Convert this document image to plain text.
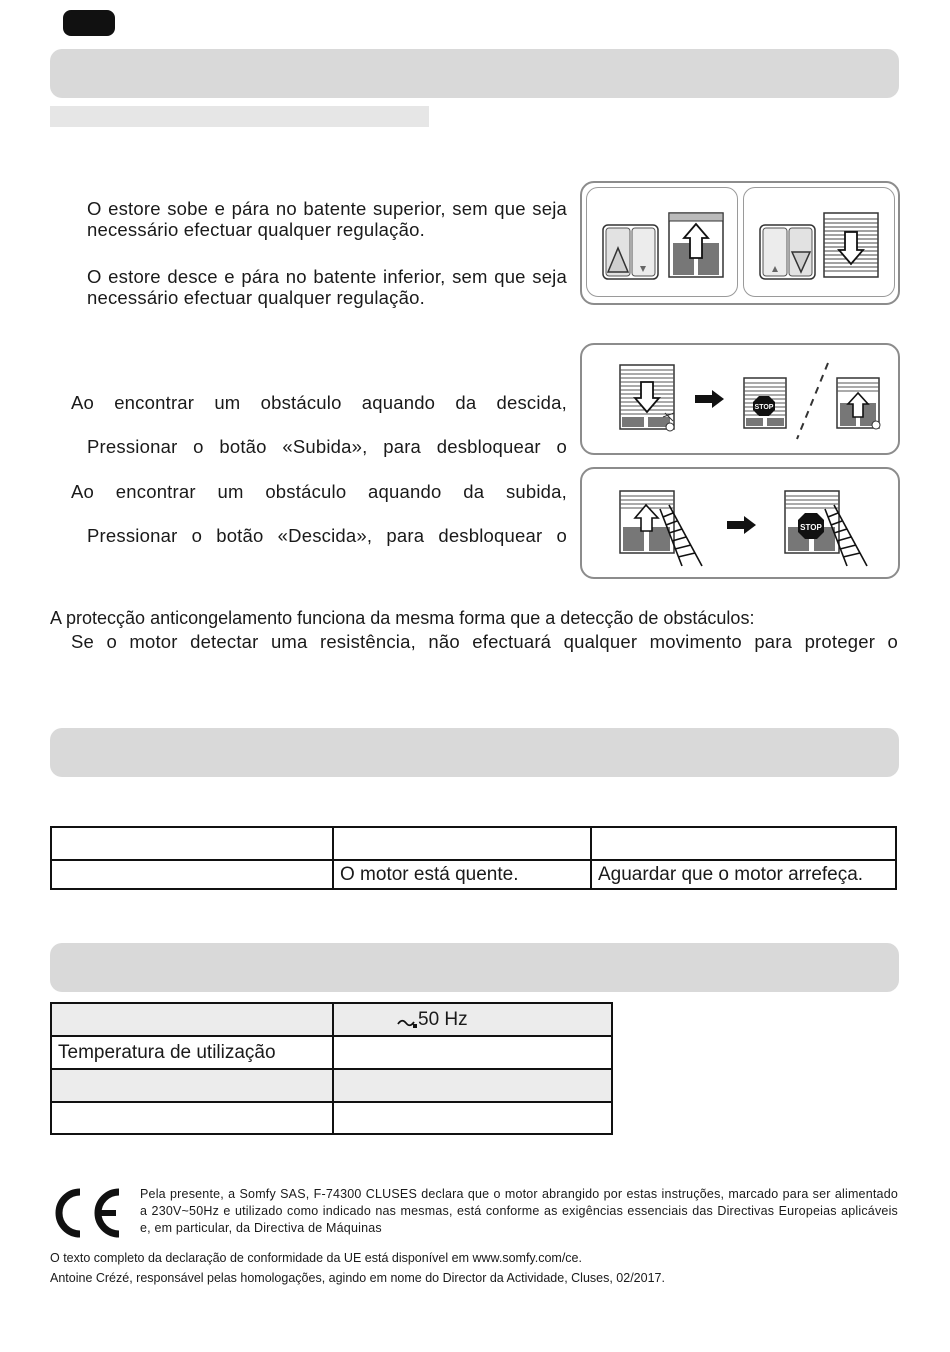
O estore sobe e pára no batente superior, sem que seja necessário efectuar qualquer regulação.
O estore desce e pára no batente inferior, sem que seja necessário efectuar qualquer regulação.
Ao encontrar um obstáculo aquando da descida,
Pressionar o botão «Subida», para desbloquear o
Ao encontrar um obstáculo aquando da subida,
Pressionar o botão «Descida», para desbloquear o
STOP
STOP
A protecção anticongelamento funciona da mesma forma que a detecção de obstáculos:
Se o motor detectar uma resistência, não efectuará qualquer movimento para proteger o

	O motor está quente.	Aguardar que o motor arrefeça.
	50 Hz
Temperatura de utilização	

Pela presente, a Somfy SAS, F-74300 CLUSES declara que o motor abrangido por estas instruções, marcado para ser alimentado a 230V~50Hz e utilizado como indicado nas mesmas, está conforme as exigências essenciais das Directivas Europeias aplicáveis e, em particular, da Directiva de Máquinas
O texto completo da declaração de conformidade da UE está disponível em www.somfy.com/ce.
Antoine Crézé, responsável pelas homologações, agindo em nome do Director da Actividade, Cluses, 02/2017.
